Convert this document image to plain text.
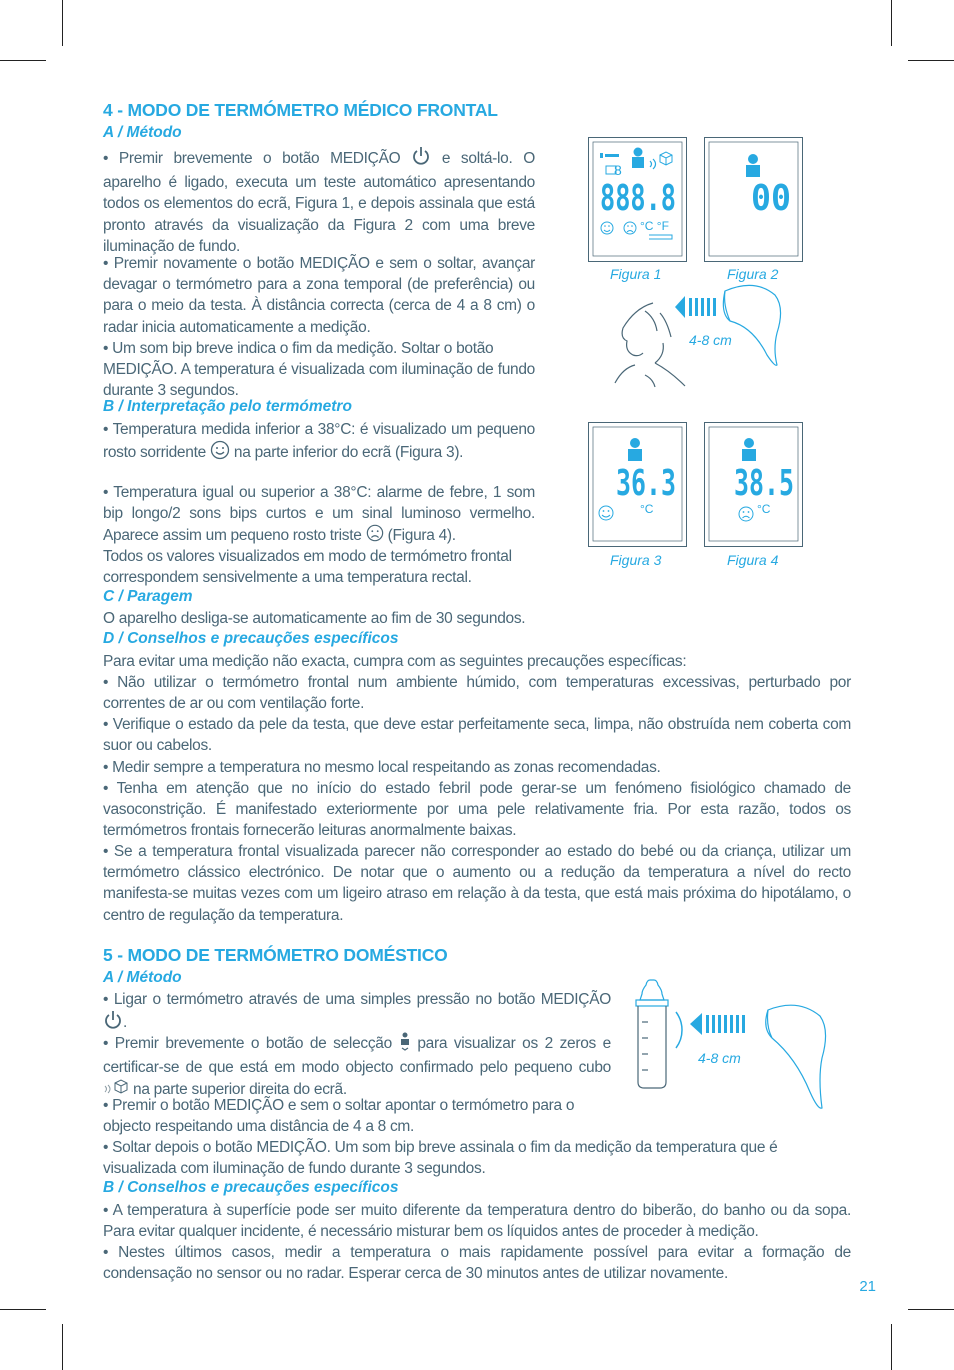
4 - MODO DE TERMÓMETRO MÉDICO FRONTAL
A / Método
• Premir brevemente o botão MEDIÇÃO	e soltá-lo. O aparelho é ligado, executa um teste automático apresentando todos os elementos do ecrã, Figura 1, e depois assinala que está pronto através da visualização da Figura 2 com uma breve iluminação de fundo.
• Premir novamente o botão MEDIÇÃO e sem o soltar, avançar devagar o termómetro para a zona temporal (de preferência) ou para o meio da testa. À distância correcta (cerca de 4 a 8 cm) o radar inicia automaticamente a medição.
• Um som bip breve indica o fim da medição. Soltar o botão
MEDIÇÃO. A temperatura é visualizada com iluminação de fundo durante 3 segundos.
B / Interpretação pelo termómetro
• Temperatura medida inferior a 38°C: é visualizado um pequeno rosto sorridente na parte inferior do ecrã (Figura 3).
• Temperatura igual ou superior a 38°C: alarme de febre, 1 som bip longo/2 sons bips curtos e um sinal luminoso vermelho. Aparece assim um pequeno rosto triste (Figura 4).
Todos os valores visualizados em modo de termómetro frontal correspondem sensivelmente a uma temperatura rectal.
C / Paragem
O aparelho desliga-se automaticamente ao fim de 30 segundos.
D / Conselhos e precauções específicos
Para evitar uma medição não exacta, cumpra com as seguintes precauções específicas:
• Não utilizar o termómetro frontal num ambiente húmido, com temperaturas excessivas, perturbado por correntes de ar ou com ventilação forte.
• Verifique o estado da pele da testa, que deve estar perfeitamente seca, limpa, não obstruída nem coberta com suor ou cabelos.
• Medir sempre a temperatura no mesmo local respeitando as zonas recomendadas.
• Tenha em atenção que no início do estado febril pode gerar-se um fenómeno fisiológico chamado de vasoconstrição. É manifestado exteriormente por uma pele relativamente fria. Por esta razão, todos os termómetros frontais fornecerão leituras anormalmente baixas.
• Se a temperatura frontal visualizada parecer não corresponder ao estado do bebé ou da criança, utilizar um termómetro clássico electrónico. De notar que o aumento ou a redução da temperatura a nível do recto manifesta-se muitas vezes com um ligeiro atraso em relação à da testa, que está mais próxima do hipotálamo, o centro de regulação da temperatura.
5 - MODO DE TERMÓMETRO DOMÉSTICO
A / Método
• Ligar o termómetro através de uma simples pressão no botão MEDIÇÃO .
• Premir brevemente o botão de selecção para visualizar os 2 zeros e certificar-se de que está em modo objecto confirmado pelo pequeno cubo  na parte superior direita do ecrã.
• Premir o botão MEDIÇÃO e sem o soltar apontar o termómetro para o objecto respeitando uma distância de 4 a 8 cm.
• Soltar depois o botão MEDIÇÃO. Um som bip breve assinala o fim da medição da temperatura que é visualizada com iluminação de fundo durante 3 segundos.
B / Conselhos e precauções específicos
• A temperatura à superfície pode ser muito diferente da temperatura dentro do biberão, do banho ou da sopa. Para evitar qualquer incidente, é necessário misturar bem os líquidos antes de proceder à medição.
• Nestes últimos casos, medir a temperatura o mais rapidamente possível para evitar a formação de condensação no sensor ou no radar. Esperar cerca de 30 minutos antes de utilizar novamente.
21
8
888.8
°C °F
Figura 1
00
Figura 2
36.3
°C
Figura 3
38.5
°C
Figura 4
4-8 cm
4-8 cm
